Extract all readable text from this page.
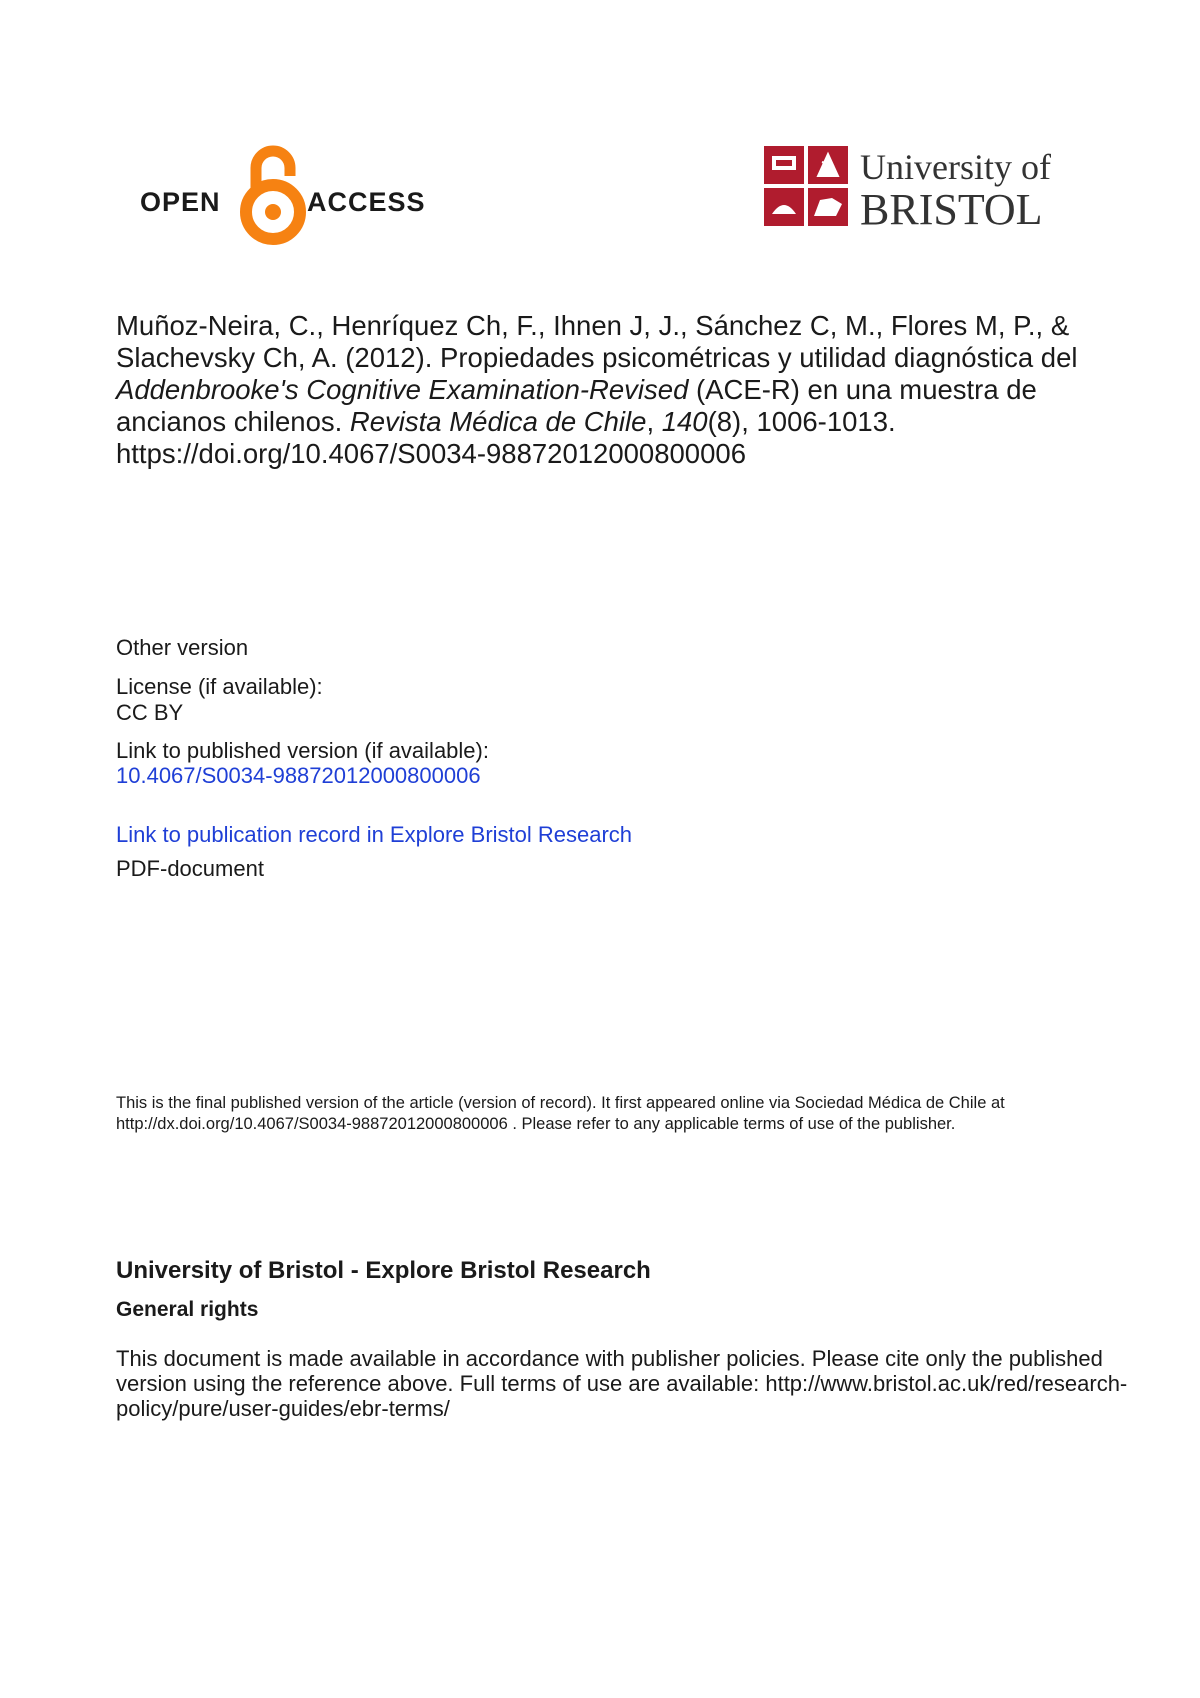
OPEN	ACCESS
University of
BRISTOL
Muñoz-Neira, C., Henríquez Ch, F., Ihnen J, J., Sánchez C, M., Flores M, P., & Slachevsky Ch, A. (2012). Propiedades psicométricas y utilidad diagnóstica del Addenbrooke's Cognitive Examination-Revised (ACE-R) en una muestra de ancianos chilenos. Revista Médica de Chile, 140(8), 1006-1013. https://doi.org/10.4067/S0034-98872012000800006
Other version
License (if available):
CC BY
Link to published version (if available):
10.4067/S0034-98872012000800006
Link to publication record in Explore Bristol Research
PDF-document
This is the final published version of the article (version of record). It first appeared online via Sociedad Médica de Chile at http://dx.doi.org/10.4067/S0034-98872012000800006 . Please refer to any applicable terms of use of the publisher.
University of Bristol - Explore Bristol Research
General rights
This document is made available in accordance with publisher policies. Please cite only the published version using the reference above. Full terms of use are available: http://www.bristol.ac.uk/red/research-policy/pure/user-guides/ebr-terms/
